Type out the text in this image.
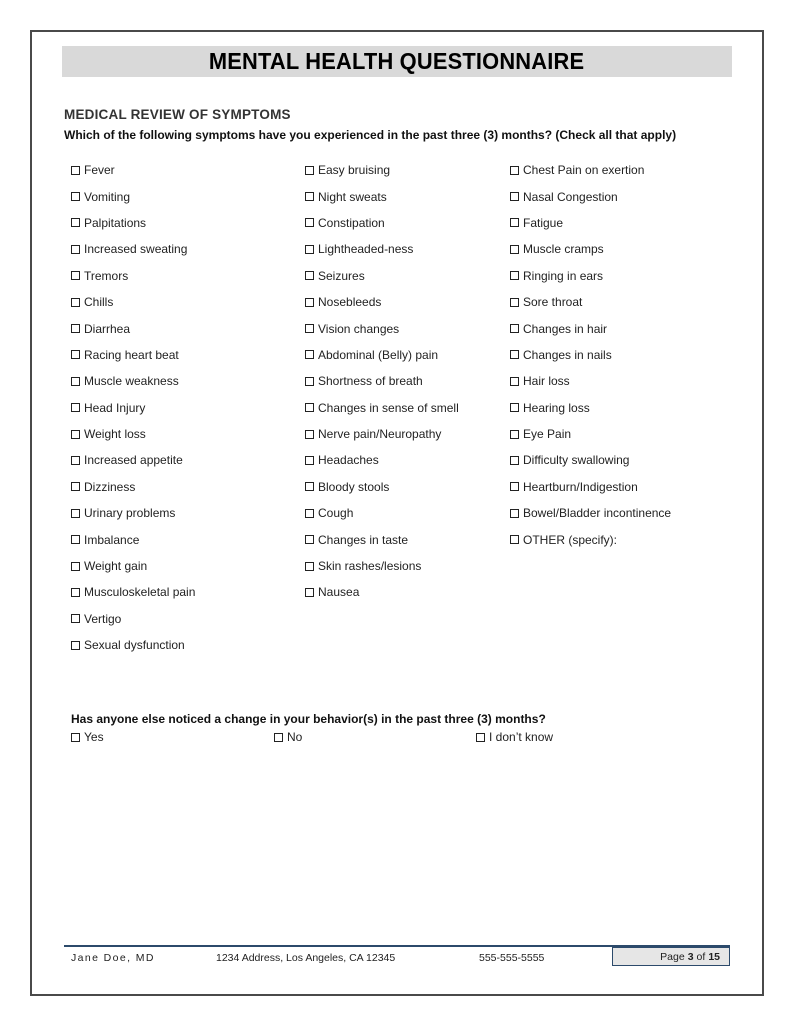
MENTAL HEALTH QUESTIONNAIRE
MEDICAL REVIEW OF SYMPTOMS
Which of the following symptoms have you experienced in the past three (3) months? (Check all that apply)
Fever
Vomiting
Palpitations
Increased sweating
Tremors
Chills
Diarrhea
Racing heart beat
Muscle weakness
Head Injury
Weight loss
Increased appetite
Dizziness
Urinary problems
Imbalance
Weight gain
Musculoskeletal pain
Vertigo
Sexual dysfunction
Easy bruising
Night sweats
Constipation
Lightheaded-ness
Seizures
Nosebleeds
Vision changes
Abdominal (Belly) pain
Shortness of breath
Changes in sense of smell
Nerve pain/Neuropathy
Headaches
Bloody stools
Cough
Changes in taste
Skin rashes/lesions
Nausea
Chest Pain on exertion
Nasal Congestion
Fatigue
Muscle cramps
Ringing in ears
Sore throat
Changes in hair
Changes in nails
Hair loss
Hearing loss
Eye Pain
Difficulty swallowing
Heartburn/Indigestion
Bowel/Bladder incontinence
OTHER (specify):
Has anyone else noticed a change in your behavior(s) in the past three (3) months?
Yes	No	I don’t know
Jane Doe, MD	1234 Address, Los Angeles, CA 12345	555-555-5555	Page 3 of 15
